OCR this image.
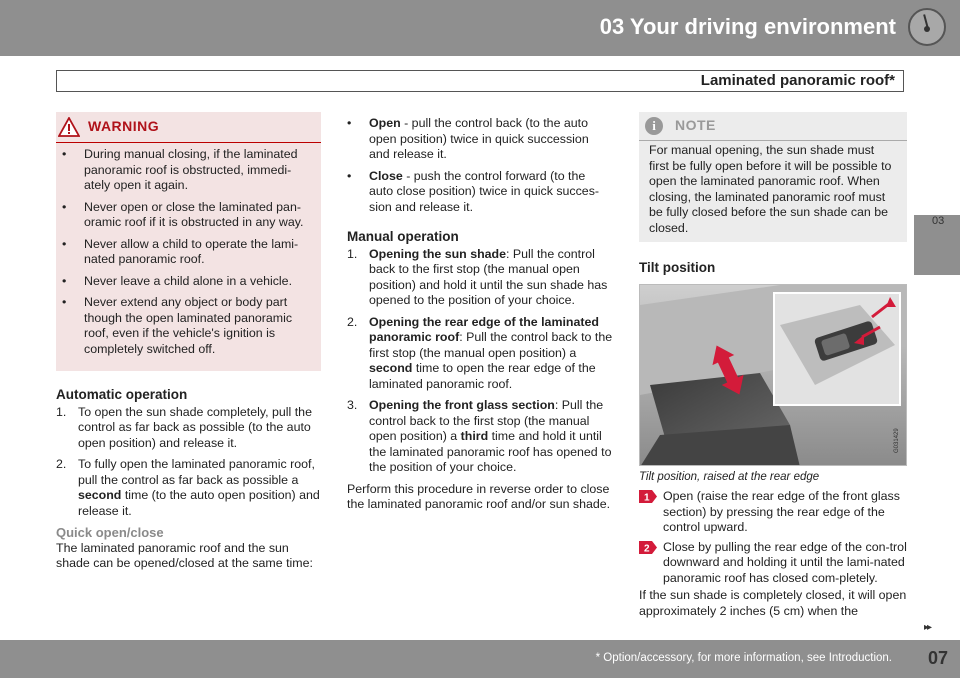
03 Your driving environment
Laminated panoramic roof*
03
WARNING
• During manual closing, if the laminated panoramic roof is obstructed, immedi-ately open it again.
• Never open or close the laminated pan-oramic roof if it is obstructed in any way.
• Never allow a child to operate the lami-nated panoramic roof.
• Never leave a child alone in a vehicle.
• Never extend any object or body part though the open laminated panoramic roof, even if the vehicle's ignition is completely switched off.
Automatic operation
1. To open the sun shade completely, pull the control as far back as possible (to the auto open position) and release it.
2. To fully open the laminated panoramic roof, pull the control as far back as possible a second time (to the auto open position) and release it.
Quick open/close

The laminated panoramic roof and the sun shade can be opened/closed at the same time:

• Open - pull the control back (to the auto open position) twice in quick succession and release it.
• Close - push the control forward (to the auto close position) twice in quick succes-sion and release it.
Manual operation
1. Opening the sun shade: Pull the control back to the first stop (the manual open position) and hold it until the sun shade has opened to the position of your choice.
2. Opening the rear edge of the laminated panoramic roof: Pull the control back to the first stop (the manual open position) a second time to open the rear edge of the laminated panoramic roof.
3. Opening the front glass section: Pull the control back to the first stop (the manual open position) a third time and hold it until the laminated panoramic roof has opened to the position of your choice.

Perform this procedure in reverse order to close the laminated panoramic roof and/or sun shade.

i	NOTE

For manual opening, the sun shade must first be fully open before it will be possible to open the laminated panoramic roof. When closing, the laminated panoramic roof must be fully closed before the sun shade can be closed.

Tilt position
G031429
Tilt position, raised at the rear edge
1 Open (raise the rear edge of the front glass section) by pressing the rear edge of the control upward.
2 Close by pulling the rear edge of the con-trol downward and holding it until the lami-nated panoramic roof has closed com-pletely.

If the sun shade is completely closed, it will open approximately 2 inches (5 cm) when the

▸▸
* Option/accessory, for more information, see Introduction. 07
